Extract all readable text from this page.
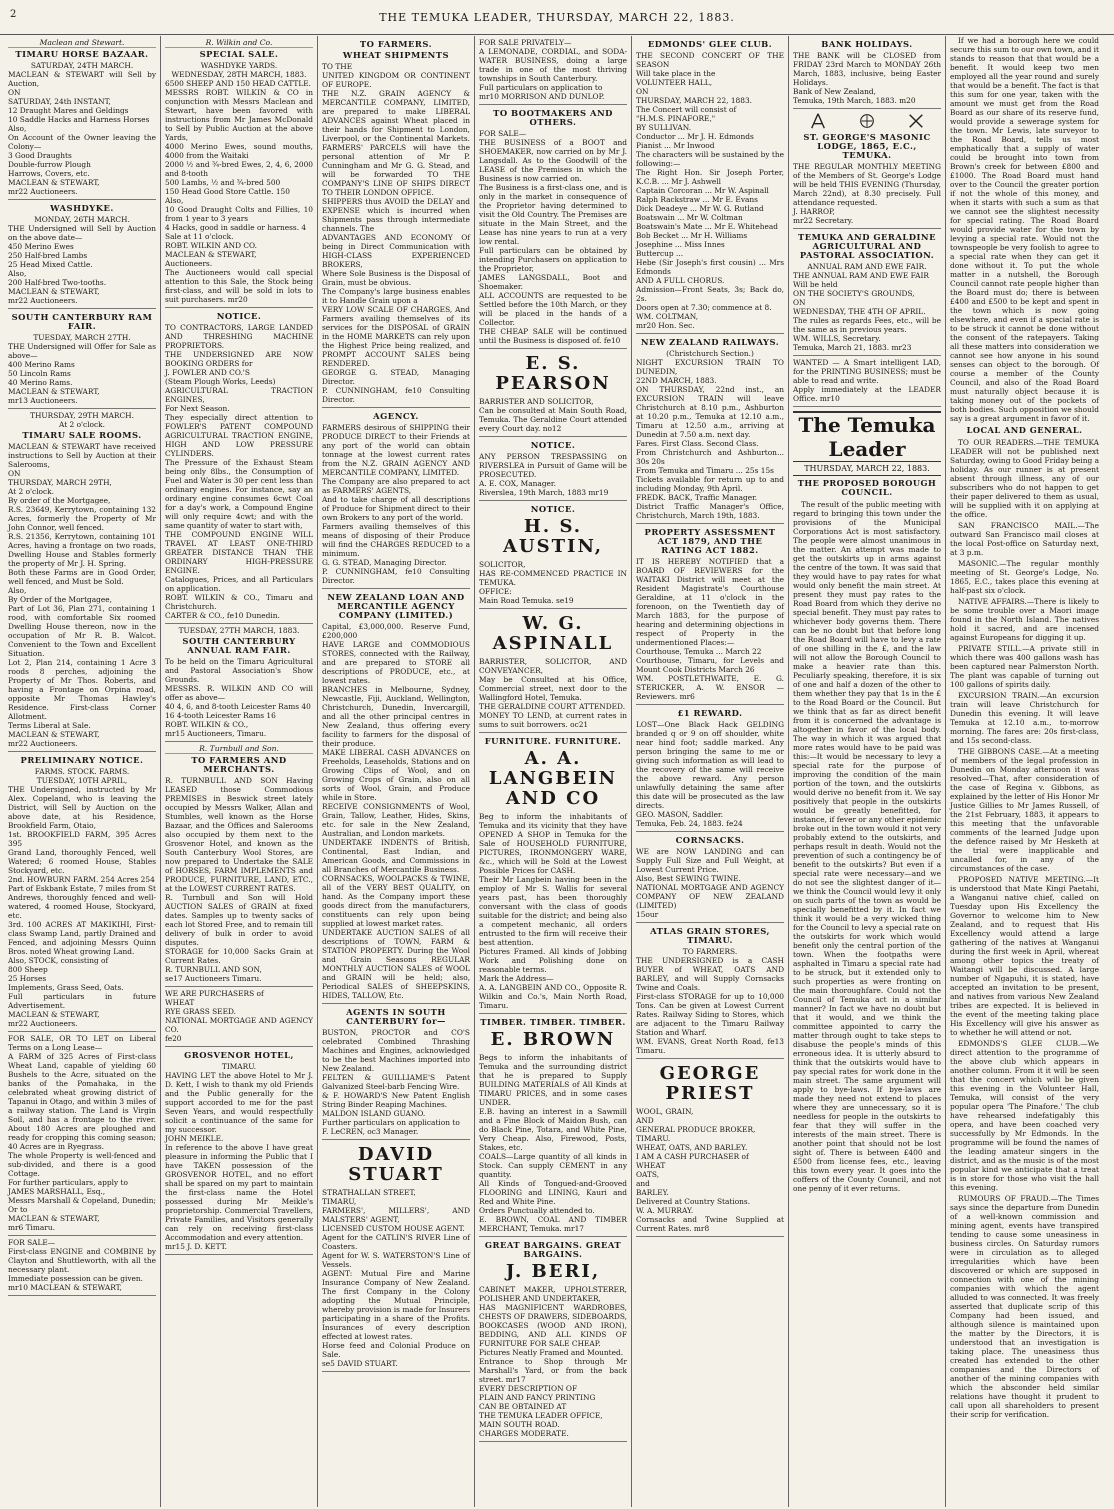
2	THE TEMUKA LEADER, THURSDAY, MARCH 22, 1883.
Maclean and Stewart.
TIMARU HORSE BAZAAR.
SATURDAY, 24TH MARCH.
MACLEAN & STEWART will Sell by Auction,
ON
SATURDAY, 24th INSTANT,
12 Draught Mares and Geldings
10 Saddle Hacks and Harness Horses
Also,
On Account of the Owner leaving the Colony—
3 Good Draughts
Double-furrow Plough
Harrows, Covers, etc.
MACLEAN & STEWART,
mr22 Auctioneers.
WASHDYKE.
MONDAY, 26TH MARCH.
THE Undersigned will Sell by Auction on the above date—
450 Merino Ewes
250 Half-bred Lambs
25 Head Mixed Cattle.
Also,
200 Half-bred Two-tooths.
MACLEAN & STEWART,
mr22 Auctioneers.
SOUTH CANTERBURY RAM FAIR.
TUESDAY, MARCH 27TH.
THE Undersigned will Offer for Sale as above—
400 Merino Rams
50 Lincoln Rams
40 Merino Rams.
MACLEAN & STEWART,
mr13 Auctioneers.
THURSDAY, 29TH MARCH.
At 2 o'clock.
TIMARU SALE ROOMS.
MACLEAN & STEWART have received instructions to Sell by Auction at their Salerooms,
ON
THURSDAY, MARCH 29TH,
At 2 o'clock.
By order of the Mortgagee,
R.S. 23649, Kerrytown, containing 132 Acres, formerly the Property of Mr John Connor, well fenced.
R.S. 21356, Kerrytown, containing 101 Acres, having a frontage on two roads, Dwelling House and Stables formerly the property of Mr J. H. Spring.
Both these Farms are in Good Order, well fenced, and Must be Sold.
Also,
By Order of the Mortgagee,
Part of Lot 36, Plan 271, containing 1 rood, with comfortable Six roomed Dwelling House thereon, now in the occupation of Mr R. B. Walcot. Convenient to the Town and Excellent Situation.
Lot 2, Plan 214, containing 1 Acre 3 roods 8 perches, adjoining the Property of Mr Thos. Roberts, and having a Frontage on Orpina road, opposite Mr Thomas Hawley's Residence. First-class Corner Allotment.
Terms Liberal at Sale.
MACLEAN & STEWART,
mr22 Auctioneers.
PRELIMINARY NOTICE.
FARMS. STOCK. FARMS.
TUESDAY, 10TH APRIL,
THE Undersigned, instructed by Mr Alex. Copeland, who is leaving the District, will Sell by Auction on the above date, at his Residence, Brookfield Farm, Otaio,
1st. BROOKFIELD FARM, 395 Acres 395
Grand Land, thoroughly Fenced, well Watered; 6 roomed House, Stables Stockyard, etc.
2nd. HOWBURN FARM. 254 Acres 254
Part of Eskbank Estate, 7 miles from St Andrews, thoroughly fenced and well-watered, 4 roomed House, Stockyard, etc.
3rd. 100 ACRES AT MAKIKIHI, First-class Swamp Land, partly Drained and Fenced, and adjoining Messrs Quinn Bros. noted Wheat growing Land.
Also, STOCK, consisting of
800 Sheep
25 Horses
Implements, Grass Seed, Oats.
Full particulars in future Advertisement.
MACLEAN & STEWART,
mr22 Auctioneers.
FOR SALE, OR TO LET on Liberal Terms on a Long Lease—
A FARM of 325 Acres of First-class Wheat Land, capable of yielding 60 Bushels to the Acre, situated on the banks of the Pomahaka, in the celebrated wheat growing district of Tapanui in Otago, and within 3 miles of a railway station. The Land is Virgin Soil, and has a frontage to the river. About 180 Acres are ploughed and ready for cropping this coming season; 40 Acres are in Ryegrass.
The whole Property is well-fenced and sub-divided, and there is a good Cottage.
For further particulars, apply to
JAMES MARSHALL, Esq.,
Messrs Marshall & Copeland, Dunedin;
Or to
MACLEAN & STEWART,
mr6 Timaru.
FOR SALE—
First-class ENGINE and COMBINE by Clayton and Shuttleworth, with all the necessary plant.
Immediate possession can be given.
mr10 MACLEAN & STEWART,
R. Wilkin and Co.
SPECIAL SALE.
WASHDYKE YARDS.
WEDNESDAY, 28TH MARCH, 1883.
6500 SHEEP AND 150 HEAD CATTLE.
MESSRS ROBT. WILKIN & CO in conjunction with Messrs Maclean and Stewart, have been favored with instructions from Mr James McDonald to Sell by Public Auction at the above Yards,
4000 Merino Ewes, sound mouths, 4000 from the Waitaki
2000 ½ and ¾-bred Ewes, 2, 4, 6, 2000 and 8-tooth
500 Lambs, ½ and ¾-bred 500
150 Head Good Store Cattle. 150
Also,
10 Good Draught Colts and Fillies, 10 from 1 year to 3 years
4 Hacks, good in saddle or harness. 4
Sale at 11 o'clock.
ROBT. WILKIN AND CO.
MACLEAN & STEWART,
Auctioneers.
The Auctioneers would call special attention to this Sale, the Stock being first-class, and will be sold in lots to suit purchasers. mr20
NOTICE.
TO CONTRACTORS, LARGE LANDED AND THRESHING MACHINE PROPRIETORS.
THE UNDERSIGNED ARE NOW BOOKING ORDERS for
J. FOWLER AND CO.'S
(Steam Plough Works, Leeds)
AGRICULTURAL TRACTION ENGINES,
For Next Season.
They especially direct attention to FOWLER'S PATENT COMPOUND AGRICULTURAL TRACTION ENGINE, HIGH AND LOW PRESSURE CYLINDERS.
The Pressure of the Exhaust Steam being only 8lbs., the Consumption of Fuel and Water is 30 per cent less than ordinary engines. For instance, say an ordinary engine consumes 6cwt Coal for a day's work, a Compound Engine will only require 4cwt; and with the same quantity of water to start with,
THE COMPOUND ENGINE WILL TRAVEL AT LEAST ONE-THIRD GREATER DISTANCE THAN THE ORDINARY HIGH-PRESSURE ENGINE.
Catalogues, Prices, and all Particulars on application.
ROBT. WILKIN & CO., Timaru and Christchurch.
CARTER & CO., fe10 Dunedin.
TUESDAY, 27TH MARCH, 1883.
SOUTH CANTERBURY ANNUAL RAM FAIR.
To be held on the Timaru Agricultural and Pastoral Association's Show Grounds.
MESSRS. R. WILKIN AND CO will offer as above—
40 4, 6, and 8-tooth Leicester Rams 40
16 4-tooth Leicester Rams 16
ROBT. WILKIN & CO.,
mr15 Auctioneers, Timaru.
R. Turnbull and Son.
TO FARMERS AND MERCHANTS.
R. TURNBULL AND SON Having LEASED those Commodious PREMISES in Beswick street lately occupied by Messrs Walker, Allan and Stumbles, well known as the Horse Bazaar, and the Offices and Salerooms also occupied by them next to the Grosvenor Hotel, and known as the South Canterbury Wool Stores, are now prepared to Undertake the SALE of HORSES, FARM IMPLEMENTS and PRODUCE, FURNITURE, LAND, ETC., at the LOWEST CURRENT RATES.
R. Turnbull and Son will Hold AUCTION SALES of GRAIN at fixed dates. Samples up to twenty sacks of each lot Stored Free, and to remain till delivery of bulk in order to avoid disputes.
STORAGE for 10,000 Sacks Grain at Current Rates.
R. TURNBULL AND SON,
se17 Auctioneers Timaru.
WE ARE PURCHASERS of
WHEAT
RYE GRASS SEED.
NATIONAL MORTGAGE AND AGENCY CO.
fe20
GROSVENOR HOTEL,
TIMARU.
HAVING LET the above Hotel to Mr J. D. Kett, I wish to thank my old Friends and the Public generally for the support accorded to me for the past Seven Years, and would respectfully solicit a continuance of the same for my successor.
JOHN MEIKLE.
In reference to the above I have great pleasure in informing the Public that I have TAKEN possession of the GROSVENOR HOTEL, and no effort shall be spared on my part to maintain the first-class name the Hotel possessed during Mr Meikle's proprietorship. Commercial Travellers, Private Families, and Visitors generally can rely on receiving first-class Accommodation and every attention.
mr15 J. D. KETT.
TO FARMERS.
WHEAT SHIPMENTS
TO THE
UNITED KINGDOM OR CONTINENT OF EUROPE.
THE N.Z. GRAIN AGENCY & MERCANTILE COMPANY, LIMITED, are prepared to make LIBERAL ADVANCES against Wheat placed in their hands for Shipment to London, Liverpool, or the Continental Markets. FARMERS' PARCELS will have the personal attention of Mr P. Cunningham and Mr G. G. Stead, and will be forwarded TO THE COMPANY'S LINE OF SHIPS DIRECT TO THEIR LONDON OFFICE.
SHIPPERS thus AVOID the DELAY and EXPENSE which is incurred when Shipments pass through intermediate channels. The
ADVANTAGES AND ECONOMY Of being in Direct Communication with HIGH-CLASS EXPERIENCED BROKERS,
Where Sole Business is the Disposal of Grain, must be obvious.
The Company's large business enables it to Handle Grain upon a
VERY LOW SCALE OF CHARGES, And Farmers availing themselves of its services for the DISPOSAL of GRAIN in the HOME MARKETS can rely upon the Highest Price being realized, and PROMPT ACCOUNT SALES being RENDERED.
GEORGE G. STEAD, Managing Director.
P. CUNNINGHAM, fe10 Consulting Director.
AGENCY.
FARMERS desirous of SHIPPING their PRODUCE DIRECT to their Friends at any port of the world can obtain tonnage at the lowest current rates from the N.Z. GRAIN AGENCY AND MERCANTILE COMPANY, LIMITED.
The Company are also prepared to act as FARMERS' AGENTS,
And to take charge of all descriptions of Produce for Shipment direct to their own Brokers to any port of the world.
Farmers availing themselves of this means of disposing of their Produce will find the CHARGES REDUCED to a minimum.
G. G. STEAD, Managing Director.
P. CUNNINGHAM, fe10 Consulting Director.
NEW ZEALAND LOAN AND MERCANTILE AGENCY COMPANY (LIMITED.)
Capital, £3,000,000. Reserve Fund, £200,000
HAVE LARGE and COMMODIOUS STORES, connected with the Railway, and are prepared to STORE all descriptions of PRODUCE, etc., at lowest rates.
BRANCHES in Melbourne, Sydney, Newcastle, Fiji, Auckland, Wellington, Christchurch, Dunedin, Invercargill, and all the other principal centres in New Zealand, thus offering every facility to farmers for the disposal of their produce.
MAKE LIBERAL CASH ADVANCES on Freeholds, Leaseholds, Stations and on Growing Clips of Wool, and on Growing Crops of Grain, also on all sorts of Wool, Grain, and Produce while in Store.
RECEIVE CONSIGNMENTS of Wool, Grain, Tallow, Leather, Hides, Skins, etc. for sale in the New Zealand, Australian, and London markets.
UNDERTAKE INDENTS of British, Continental, East Indian, and American Goods, and Commissions in all Branches of Mercantile Business.
CORNSACKS, WOOLPACKS & TWINE, all of the VERY BEST QUALITY, on hand. As the Company import these goods direct from the manufacturers, constituents can rely upon being supplied at lowest market rates.
UNDERTAKE AUCTION SALES of all descriptions of TOWN, FARM & STATION PROPERTY. During the Wool and Grain Seasons REGULAR MONTHLY AUCTION SALES of WOOL and GRAIN will be held; also, Periodical SALES of SHEEPSKINS, HIDES, TALLOW, Etc.
AGENTS IN SOUTH CANTERBURY for—
BUSTON, PROCTOR and CO'S celebrated Combined Thrashing Machines and Engines, acknowledged to be the best Machines imported into New Zealand.
FELTEN & GUILLIAME'S Patent Galvanized Steel-barb Fencing Wire.
& F. HOWARD'S New Patent English String Binder Reaping Machines.
MALDON ISLAND GUANO.
Further particulars on application to
F. LeCREN, oc3 Manager.
DAVID STUART
STRATHALLAN STREET,
TIMARU,
FARMERS', MILLERS', AND MALSTERS' AGENT,
LICENSED CUSTOM HOUSE AGENT.
Agent for the CATLIN'S RIVER Line of Coasters.
Agent for W. S. WATERSTON'S Line of Vessels.
AGENT: Mutual Fire and Marine Insurance Company of New Zealand. The first Company in the Colony adopting the Mutual Principle, whereby provision is made for Insurers participating in a share of the Profits. Insurances of every description effected at lowest rates.
Horse feed and Colonial Produce on Sale.
se5 DAVID STUART.
FOR SALE PRIVATELY—
A LEMONADE, CORDIAL, and SODA-WATER BUSINESS, doing a large trade in one of the most thriving townships in South Canterbury.
Full particulars on application to
mr10 MORRISON AND DUNLOP.
TO BOOTMAKERS AND OTHERS.
FOR SALE—
THE BUSINESS of a BOOT and SHOEMAKER, now carried on by Mr J. Langsdall. As to the Goodwill of the LEASE of the Premises in which the Business is now carried on.
The Business is a first-class one, and is only in the market in consequence of the Proprietor having determined to visit the Old Country. The Premises are situate in the Main Street, and the Lease has nine years to run at a very low rental.
Full particulars can be obtained by intending Purchasers on application to the Proprietor,
JAMES LANGSDALL, Boot and Shoemaker.
ALL ACCOUNTS are requested to be Settled before the 10th March, or they will be placed in the hands of a Collector.
THE CHEAP SALE will be continued until the Business is disposed of. fe10
E. S. PEARSON
BARRISTER AND SOLICITOR,
Can be consulted at Main South Road, Temuka. The Geraldine Court attended every Court day. no12
NOTICE.
ANY PERSON TRESPASSING on RIVERSLEA in Pursuit of Game will be PROSECUTED.
A. E. COX, Manager.
Riverslea, 19th March, 1883 mr19
NOTICE.
H. S. AUSTIN,
SOLICITOR,
HAS RE-COMMENCED PRACTICE IN TEMUKA.
OFFICE:
Main Road Temuka. se19
W. G. ASPINALL
BARRISTER, SOLICITOR, AND CONVEYANCER,
May be Consulted at his Office, Commercial street, next door to the Wallingford Hotel, Temuka.
THE GERALDINE COURT ATTENDED.
MONEY TO LEND, at current rates in sums to suit borrowers. oc21
FURNITURE. FURNITURE.
A. A. LANGBEIN AND CO
Beg to inform the inhabitants of Temuka and its vicinity that they have OPENED A SHOP in Temuka for the Sale of HOUSEHOLD FURNITURE, PICTURES, IRONMONGERY WARE, &c., which will be Sold at the Lowest Possible Prices for CASH.
Their Mr Langbein having been in the employ of Mr S. Wallis for several years past, has been thoroughly conversant with the class of goods suitable for the district; and being also a competent mechanic, all orders entrusted to the firm will receive their best attention.
Pictures Framed. All kinds of Jobbing Work and Polishing done on reasonable terms.
Mark the Address—
A. A. LANGBEIN AND CO., Opposite R. Wilkin and Co.'s, Main North Road, Timaru.
TIMBER. TIMBER. TIMBER.
E. BROWN
Begs to inform the inhabitants of Temuka and the surrounding district that he is prepared to Supply BUILDING MATERIALS of All Kinds at TIMARU PRICES, and in some cases UNDER.
E.B. having an interest in a Sawmill and a Fine Block of Maidon Bush, can do Black Pine, Totara, and White Pine, Very Cheap. Also, Firewood, Posts, Stakes, etc.
COALS—Large quantity of all kinds in Stock. Can supply CEMENT in any quantity.
All Kinds of Tongued-and-Grooved FLOORING and LINING, Kauri and Red and White Pine.
Orders Punctually attended to.
E. BROWN, COAL AND TIMBER MERCHANT, Temuka. mr17
GREAT BARGAINS. GREAT BARGAINS.
J. BERI,
CABINET MAKER, UPHOLSTERER, POLISHER AND UNDERTAKER,
HAS MAGNIFICENT WARDROBES, CHESTS OF DRAWERS, SIDEBOARDS, BOOKCASES (WOOD AND IRON), BEDDING, AND ALL KINDS OF FURNITURE FOR SALE CHEAP.
Pictures Neatly Framed and Mounted.
Entrance to Shop through Mr Marshall's Yard, or from the back street. mr17
EVERY DESCRIPTION OF
PLAIN AND FANCY PRINTING
CAN BE OBTAINED AT
THE TEMUKA LEADER OFFICE,
MAIN SOUTH ROAD.
CHARGES MODERATE.
EDMONDS' GLEE CLUB.
THE SECOND CONCERT OF THE SEASON
Will take place in the
VOLUNTEER HALL,
ON
THURSDAY, MARCH 22, 1883.
The Concert will consist of
"H.M.S. PINAFORE,"
BY SULLIVAN.
Conductor ... Mr J. H. Edmonds
Pianist ... Mr Inwood
The characters will be sustained by the following:—
The Right Hon. Sir Joseph Porter, K.C.B. ... Mr J. Ashwell
Captain Corcoran ... Mr W. Aspinall
Ralph Rackstraw ... Mr E. Evans
Dick Deadeye ... Mr W. G. Rutland
Boatswain ... Mr W. Coltman
Boatswain's Mate ... Mr E. Whitehead
Bob Becket ... Mr H. Williams
Josephine ... Miss Innes
Buttercup ...
Hebe (Sir Joseph's first cousin) ... Mrs Edmonds
AND A FULL CHORUS.
Admission—Front Seats, 3s; Back do, 2s.
Doors open at 7.30; commence at 8.
WM. COLTMAN,
mr20 Hon. Sec.
NEW ZEALAND RAILWAYS.
(Christchurch Section.)
NIGHT EXCURSION TRAIN TO DUNEDIN,
22ND MARCH, 1883.
ON THURSDAY, 22nd inst., an EXCURSION TRAIN will leave Christchurch at 8.10 p.m., Ashburton at 10.20 p.m., Temuka at 12.10 a.m., Timaru at 12.50 a.m., arriving at Dunedin at 7.50 a.m. next day.
Fares. First Class. Second Class.
From Christchurch and Ashburton... 30s 20s
From Temuka and Timaru ... 25s 15s
Tickets available for return up to and including Monday, 9th April.
FREDK. BACK, Traffic Manager.
District Traffic Manager's Office, Christchurch, March 19th, 1883.
PROPERTY ASSESSMENT ACT 1879, AND THE RATING ACT 1882.
IT IS HEREBY NOTIFIED that a BOARD OF REVIEWERS for the WAITAKI District will meet at the Resident Magistrate's Courthouse Geraldine, at 11 o'clock in the forenoon, on the Twentieth day of March 1883, for the purpose of hearing and determining objections in respect of Property in the undermentioned Places:—
Courthouse, Temuka ... March 22
Courthouse, Timaru, for Levels and Mount Cook Districts March 26
WM. POSTLETHWAITE, E. G. STERICKER, A. W. ENSOR — Reviewers. mr6
£1 REWARD.
LOST—One Black Hack GELDING branded q or 9 on off shoulder, white near hind foot; saddle marked. Any person bringing the same to me or giving such information as will lead to the recovery of the same will receive the above reward. Any person unlawfully detaining the same after this date will be prosecuted as the law directs.
GEO. MASON, Saddler.
Temuka, Feb. 24, 1883. fe24
CORNSACKS.
WE are NOW LANDING and can Supply Full Size and Full Weight, at Lowest Current Price.
Also, Best SEWING TWINE.
NATIONAL MORTGAGE AND AGENCY COMPANY OF NEW ZEALAND (LIMITED)
15our
ATLAS GRAIN STORES, TIMARU.
TO FARMERS.
THE UNDERSIGNED is a CASH BUYER of WHEAT, OATS AND BARLEY, and will Supply Cornsacks Twine and Coals.
First-class STORAGE for up to 10,000 Tons. Can be given at Lowest Current Rates. Railway Siding to Stores, which are adjacent to the Timaru Railway Station and Wharf.
WM. EVANS, Great North Road, fe13 Timaru.
GEORGE PRIEST
WOOL, GRAIN,
AND
GENERAL PRODUCE BROKER,
TIMARU.
WHEAT, OATS, AND BARLEY.
I AM A CASH PURCHASER of
WHEAT
OATS,
and
BARLEY.
Delivered at Country Stations.
W. A. MURRAY.
Cornsacks and Twine Supplied at Current Rates. mr8
BANK HOLIDAYS.
THE BANK will be CLOSED from FRIDAY 23rd March to MONDAY 26th March, 1883, inclusive, being Easter Holidays.
Bank of New Zealand,
Temuka, 19th March, 1883. m20
ST. GEORGE'S MASONIC LODGE, 1865, E.C., TEMUKA.
THE REGULAR MONTHLY MEETING of the Members of St. George's Lodge will be held THIS EVENING (Thursday, March 22nd), at 8.30 precisely. Full attendance requested.
J. HARROP,
mr22 Secretary.
TEMUKA AND GERALDINE AGRICULTURAL AND PASTORAL ASSOCIATION.
ANNUAL RAM AND EWE FAIR.
THE ANNUAL RAM AND EWE FAIR
Will be held
ON THE SOCIETY'S GROUNDS,
ON
WEDNESDAY, THE 4TH OF APRIL.
The rules as regards Fees, etc., will be the same as in previous years.
WM. WILLS, Secretary.
Temuka, March 21, 1883. mr23
WANTED — A Smart intelligent LAD, for the PRINTING BUSINESS; must be able to read and write.
Apply immediately at the LEADER Office. mr10
The Temuka Leader
THURSDAY, MARCH 22, 1883.
THE PROPOSED BOROUGH COUNCIL.

The result of the public meeting with regard to bringing this town under the provisions of the Municipal Corporations Act is most satisfactory. The people were almost unanimous in the matter. An attempt was made to get the outskirts up in arms against the centre of the town. It was said that they would have to pay rates for what would only benefit the main street. At present they must pay rates to the Road Board from which they derive no special benefit. They must pay rates to whichever body governs them. There can be no doubt but that before long the Road Board will have to levy a rate of one shilling in the £, and the law will not allow the Borough Council to make a heavier rate than this. Peculiarly speaking, therefore, it is six of one and half a dozen of the other to them whether they pay that 1s in the £ to the Road Board or the Council. But we think that as far as direct benefit from it is concerned the advantage is altogether in favor of the local body. The way in which it was argued that more rates would have to be paid was this:—It would be necessary to levy a special rate for the purpose of improving the condition of the main portion of the town, and the outskirts would derive no benefit from it. We say positively that people in the outskirts would be greatly benefitted, for instance, if fever or any other epidemic broke out in the town would it not very probably extend to the outskirts, and perhaps result in death. Would not the prevention of such a contingency be of benefit to the outskirts? But even if a special rate were necessary—and we do not see the slightest danger of it—we think the Council would levy it only on such parts of the town as would be specially benefitted by it. In fact we think it would be a very wicked thing for the Council to levy a special rate on the outskirts for work which would benefit only the central portion of the town. When the footpaths were asphalted in Timaru a special rate had to be struck, but it extended only to such properties as were fronting on the main thoroughfare. Could not the Council of Temuka act in a similar manner? In fact we have no doubt but that it would, and we think the committee appointed to carry the matter through ought to take steps to disabuse the people's minds of this erroneous idea. It is utterly absurd to think that the outskirts would have to pay special rates for work done in the main street. The same argument will apply to bye-laws. If bye-laws are made they need not extend to places where they are unnecessary, so it is needless for people in the outskirts to fear that they will suffer in the interests of the main street. There is another point that should not be lost sight of. There is between £400 and £500 from license fees, etc., leaving this town every year. It goes into the coffers of the County Council, and not one penny of it ever returns.

If we had a borough here we could secure this sum to our own town, and it stands to reason that that would be a benefit. It would keep two men employed all the year round and surely that would be a benefit. The fact is that this sum for one year, taken with the amount we must get from the Road Board as our share of its reserve fund, would provide a sewerage system for the town. Mr Lewis, late surveyor to the Road Board, tells us most emphatically that a supply of water could be brought into town from Brown's creek for between £800 and £1000. The Road Board must hand over to the Council the greater portion if not the whole of this money, and when it starts with such a sum as that we cannot see the slightest necessity for special rating. The Road Board would provide water for the town by levying a special rate. Would not the townspeople be very foolish to agree to a special rate when they can get it done without it. To put the whole matter in a nutshell, the Borough Council cannot rate people higher than the Board must do; there is between £400 and £500 to be kept and spent in the town which is now going elsewhere, and even if a special rate is to be struck it cannot be done without the consent of the ratepayers. Taking all these matters into consideration we cannot see how anyone in his sound senses can object to the borough. Of course a member of the County Council, and also of the Road Board must naturally object because it is taking money out of the pockets of both bodies. Such opposition we should say is a great argument in favor of it.

LOCAL AND GENERAL.

TO OUR READERS.—THE TEMUKA LEADER will not be published next Saturday, owing to Good Friday being a holiday. As our runner is at present absent through illness, any of our subscribers who do not happen to get their paper delivered to them as usual, will be supplied with it on applying at the office.

SAN FRANCISCO MAIL.—The outward San Francisco mail closes at the local Post-office on Saturday next, at 3 p.m.

MASONIC.—The regular monthly meeting of St. George's Lodge, No. 1865, E.C., takes place this evening at half-past six o'clock.

NATIVE AFFAIRS.—There is likely to be some trouble over a Maori image found in the North Island. The natives hold it sacred, and are incensed against Europeans for digging it up.

PRIVATE STILL.—A private still in which there was 400 gallons wash has been captured near Palmerston North. The plant was capable of turning out 100 gallons of spirits daily.

EXCURSION TRAIN.—An excursion train will leave Christchurch for Dunedin this evening. It will leave Temuka at 12.10 a.m., to-morrow morning. The fares are: 20s first-class, and 15s second-class.

THE GIBBONS CASE.—At a meeting of members of the legal profession in Dunedin on Monday afternoon it was resolved—That, after consideration of the case of Regina v. Gibbons, as explained by the letter of His Honor Mr Justice Gillies to Mr James Russell, of the 21st February, 1883, it appears to this meeting that the unfavorable comments of the learned Judge upon the defence raised by Mr Hesketh at the trial were inapplicable and uncalled for, in any of the circumstances of the case.

PROPOSED NATIVE MEETING.—It is understood that Mate Kingi Paetahi, a Wanganui native chief, called on Tuesday upon His Excellency the Governor to welcome him to New Zealand, and to request that His Excellency would attend a large gathering of the natives at Wanganui during the first week in April, whereat among other topics the treaty of Waitangi will be discussed. A large number of Ngapuhi, it is stated, have accepted an invitation to be present, and natives from various New Zealand tribes are expected. It is believed in the event of the meeting taking place His Excellency will give his answer as to whether he will attend or not.

EDMONDS'S GLEE CLUB.—We direct attention to the programme of the above club which appears in another column. From it it will be seen that the concert which will be given this evening in the Volunteer Hall, Temuka, will consist of the very popular opera 'The Pinafore.' The club have rehearsed indefatigably this opera, and have been coached very successfully by Mr Edmonds. In the programme will be found the names of the leading amateur singers in the district, and as the music is of the most popular kind we anticipate that a treat is in store for those who visit the hall this evening.

RUMOURS OF FRAUD.—The Times says since the departure from Dunedin of a well-known commission and mining agent, events have transpired tending to cause some uneasiness in business circles. On Saturday rumors were in circulation as to alleged irregularities which have been discovered or which are supposed in connection with one of the mining companies with which the agent alluded to was connected. It was freely asserted that duplicate scrip of this Company had been issued, and although silence is maintained upon the matter by the Directors, it is understood that an investigation is taking place. The uneasiness thus created has extended to the other companies and the Directors of another of the mining companies with which the absconder held similar relations have thought it prudent to call upon all shareholders to present their scrip for verification.
